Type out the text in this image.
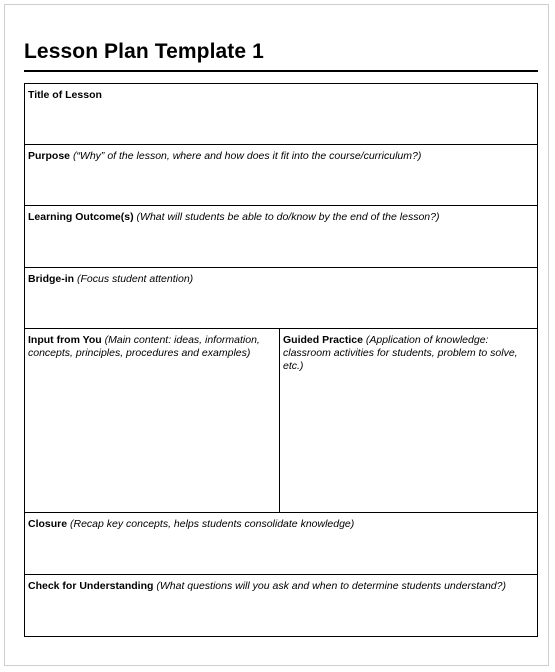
Lesson Plan Template 1
Title of Lesson
Purpose (“Why” of the lesson, where and how does it fit into the course/curriculum?)
Learning Outcome(s) (What will students be able to do/know by the end of the lesson?)
Bridge-in (Focus student attention)
Input from You (Main content: ideas, information, concepts, principles, procedures and examples)
Guided Practice (Application of knowledge: classroom activities for students, problem to solve, etc.)
Closure (Recap key concepts, helps students consolidate knowledge)
Check for Understanding (What questions will you ask and when to determine students understand?)
